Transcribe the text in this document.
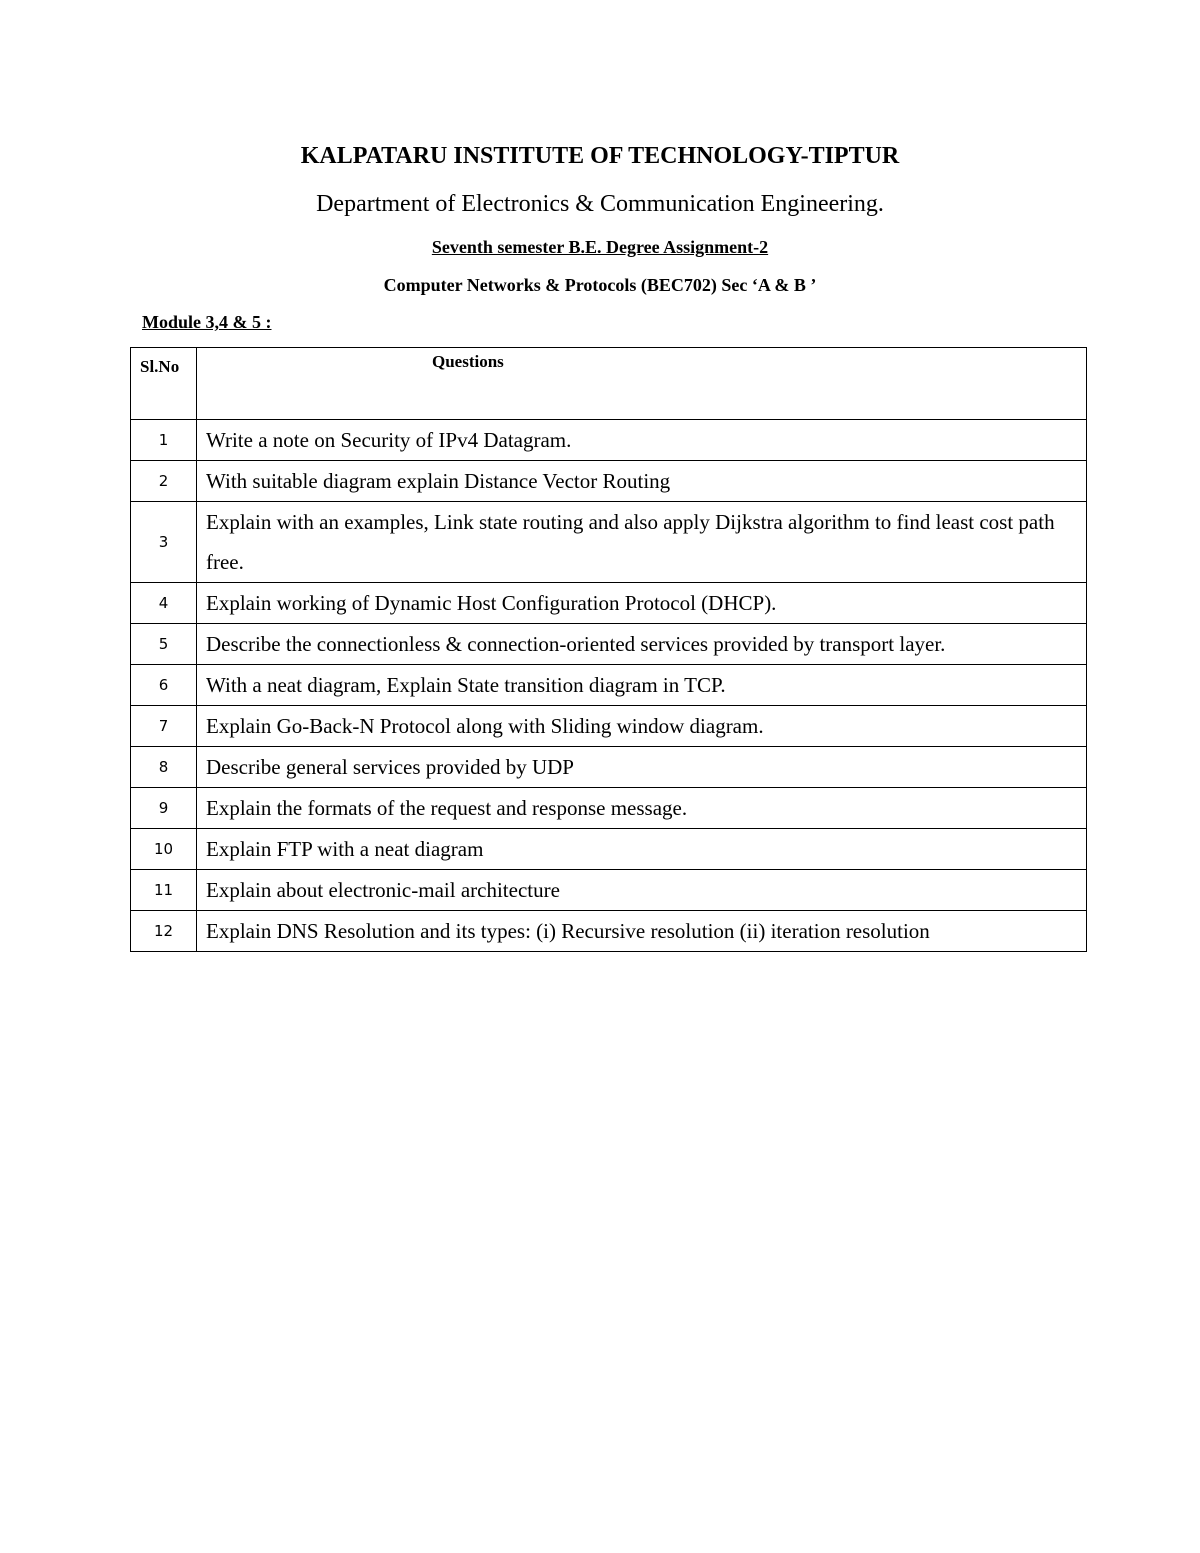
KALPATARU INSTITUTE OF TECHNOLOGY-TIPTUR
Department of Electronics & Communication Engineering.
Seventh semester B.E. Degree Assignment-2
Computer Networks & Protocols (BEC702) Sec ‘A & B ’
Module 3,4 & 5 :
Sl.No	Questions
1	Write a note on Security of IPv4 Datagram.
2	With suitable diagram explain Distance Vector Routing
3	Explain with an examples, Link state routing and also apply Dijkstra algorithm to find least cost path free.
4	Explain working of Dynamic Host Configuration Protocol (DHCP).
5	Describe the connectionless & connection-oriented services provided by transport layer.
6	With a neat diagram, Explain State transition diagram in TCP.
7	Explain Go-Back-N Protocol along with Sliding window diagram.
8	Describe general services provided by UDP
9	Explain the formats of the request and response message.
10	Explain FTP with a neat diagram
11	Explain about electronic-mail architecture
12	Explain DNS Resolution and its types: (i) Recursive resolution (ii) iteration resolution
